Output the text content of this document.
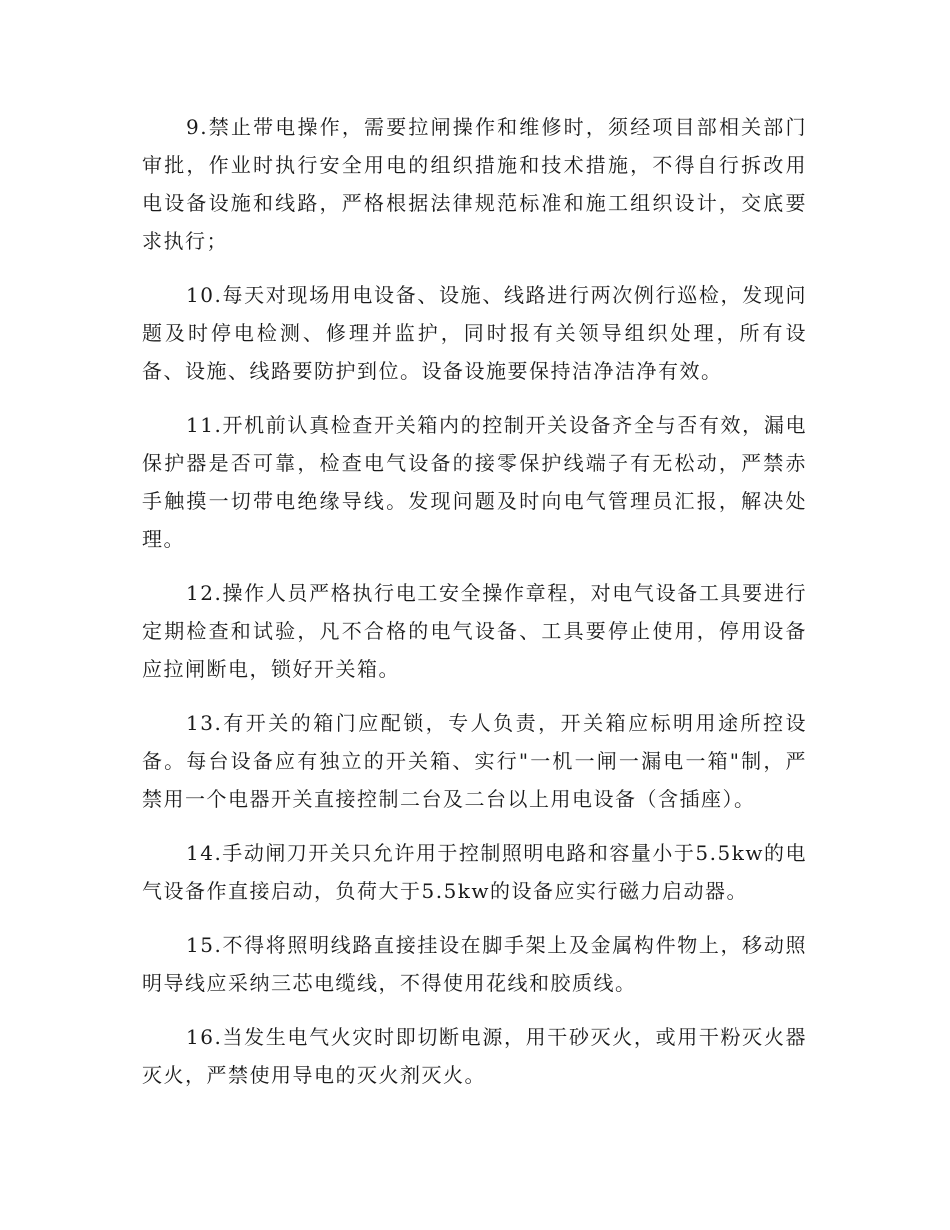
9.禁止带电操作，需要拉闸操作和维修时，须经项目部相关部门审批，作业时执行安全用电的组织措施和技术措施，不得自行拆改用电设备设施和线路，严格根据法律规范标准和施工组织设计，交底要求执行；

10.每天对现场用电设备、设施、线路进行两次例行巡检，发现问题及时停电检测、修理并监护，同时报有关领导组织处理，所有设备、设施、线路要防护到位。设备设施要保持洁净洁净有效。

11.开机前认真检查开关箱内的控制开关设备齐全与否有效，漏电保护器是否可靠，检查电气设备的接零保护线端子有无松动，严禁赤手触摸一切带电绝缘导线。发现问题及时向电气管理员汇报，解决处理。

12.操作人员严格执行电工安全操作章程，对电气设备工具要进行定期检查和试验，凡不合格的电气设备、工具要停止使用，停用设备应拉闸断电，锁好开关箱。

13.有开关的箱门应配锁，专人负责，开关箱应标明用途所控设备。每台设备应有独立的开关箱、实行"一机一闸一漏电一箱"制，严禁用一个电器开关直接控制二台及二台以上用电设备（含插座）。

14.手动闸刀开关只允许用于控制照明电路和容量小于5.5kw的电气设备作直接启动，负荷大于5.5kw的设备应实行磁力启动器。

15.不得将照明线路直接挂设在脚手架上及金属构件物上，移动照明导线应采纳三芯电缆线，不得使用花线和胶质线。

16.当发生电气火灾时即切断电源，用干砂灭火，或用干粉灭火器灭火，严禁使用导电的灭火剂灭火。
